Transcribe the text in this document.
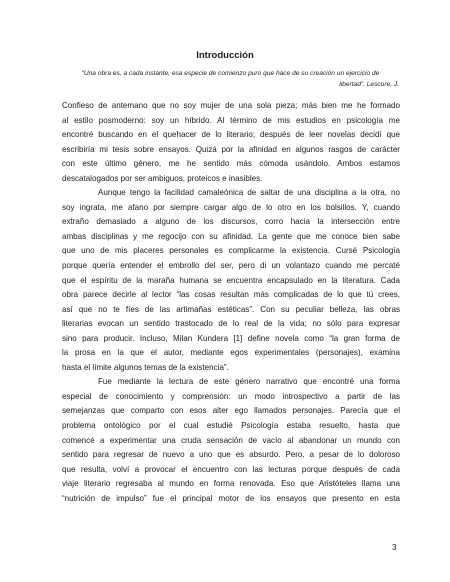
Introducción
“Una obra es, a cada instante, esa especie de comienzo puro que hace de su creación un ejercicio de
libertad”. Lescure, J.
Confieso de antemano que no soy mujer de una sola pieza; más bien me he formado
al estilo posmoderno: soy un híbrido. Al término de mis estudios en psicología me
encontré buscando en el quehacer de lo literario; después de leer novelas decidí que
escribiría mi tesis sobre ensayos. Quizá por la afinidad en algunos rasgos de carácter
con este último género, me he sentido más cómoda usándolo. Ambos estamos
descatalogados por ser ambiguos, proteicos e inasibles.
Aunque tengo la facilidad camaleónica de saltar de una disciplina a la otra, no
soy ingrata, me afano por siempre cargar algo de lo otro en los bolsillos. Y, cuando
extraño demasiado a alguno de los discursos, corro hacia la intersección entre
ambas disciplinas y me regocijo con su afinidad. La gente que me conoce bien sabe
que uno de mis placeres personales es complicarme la existencia. Cursé Psicología
porque quería entender el embrollo del ser, pero di un volantazo cuando me percaté
que el espíritu de la maraña humana se encuentra encapsulado en la literatura. Cada
obra parece decirle al lector “las cosas resultan más complicadas de lo que tú crees,
así que no te fíes de las artimañas estéticas”. Con su peculiar belleza, las obras
literarias evocan un sentido trastocado de lo real de la vida; no sólo para expresar
sino para producir. Incluso, Milan Kundera [1] define novela como “la gran forma de
la prosa en la que el autor, mediante egos experimentales (personajes), examina
hasta el límite algunos temas de la existencia”.
Fue mediante la lectura de este género narrativo que encontré una forma
especial de conocimiento y comprensión: un modo introspectivo a partir de las
semejanzas que comparto con esos alter ego llamados personajes. Parecía que el
problema ontológico por el cual estudié Psicología estaba resuelto, hasta que
comencé a experimentar una cruda sensación de vacío al abandonar un mundo con
sentido para regresar de nuevo a uno que es absurdo. Pero, a pesar de lo doloroso
que resulta, volví a provocar el encuentro con las lecturas porque después de cada
viaje literario regresaba al mundo en forma renovada. Eso que Aristóteles llama una
“nutrición de impulso” fue el principal motor de los ensayos que presento en esta
3
